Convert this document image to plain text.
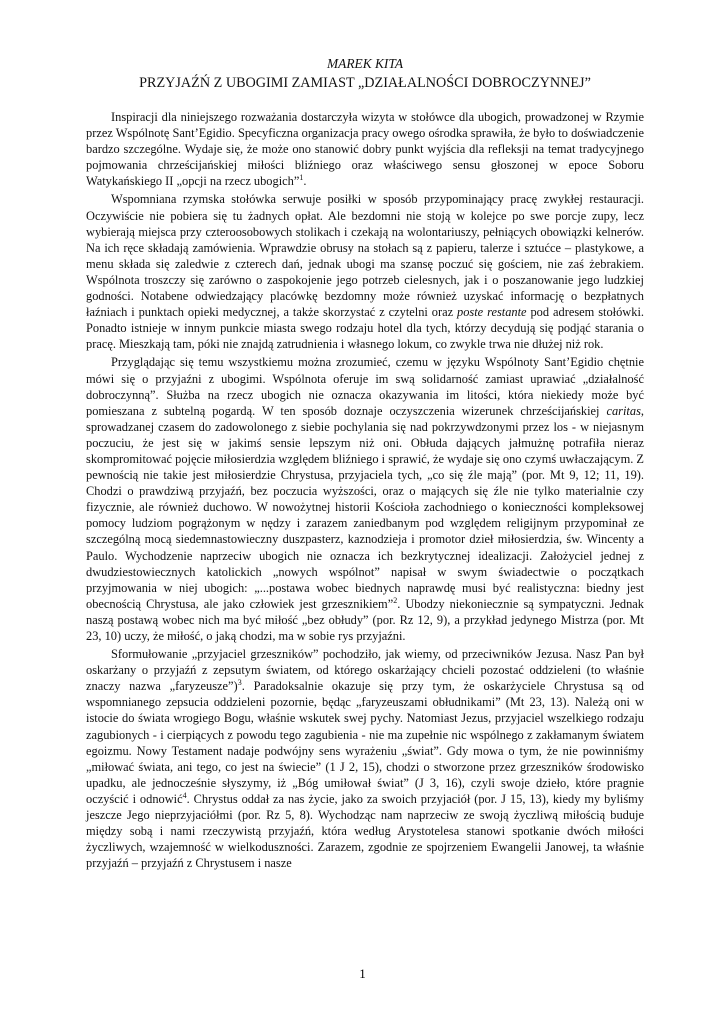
MAREK KITA

PRZYJAŹŃ Z UBOGIMI ZAMIAST „DZIAŁALNOŚCI DOBROCZYNNEJ”

Inspiracji dla niniejszego rozważania dostarczyła wizyta w stołówce dla ubogich, prowadzonej w Rzymie przez Wspólnotę Sant’Egidio. Specyficzna organizacja pracy owego ośrodka sprawiła, że było to doświadczenie bardzo szczególne. Wydaje się, że może ono stanowić dobry punkt wyjścia dla refleksji na temat tradycyjnego pojmowania chrześcijańskiej miłości bliźniego oraz właściwego sensu głoszonej w epoce Soboru Watykańskiego II „opcji na rzecz ubogich”$^1$.

Wspomniana rzymska stołówka serwuje posiłki w sposób przypominający pracę zwykłej restauracji. Oczywiście nie pobiera się tu żadnych opłat. Ale bezdomni nie stoją w kolejce po swe porcje zupy, lecz wybierają miejsca przy czteroosobowych stolikach i czekają na wolontariuszy, pełniących obowiązki kelnerów. Na ich ręce składają zamówienia. Wprawdzie obrusy na stołach są z papieru, talerze i sztućce – plastykowe, a menu składa się zaledwie z czterech dań, jednak ubogi ma szansę poczuć się gościem, nie zaś żebrakiem. Wspólnota troszczy się zarówno o zaspokojenie jego potrzeb cielesnych, jak i o poszanowanie jego ludzkiej godności. Notabene odwiedzający placówkę bezdomny może również uzyskać informację o bezpłatnych łaźniach i punktach opieki medycznej, a także skorzystać z czytelni oraz poste restante pod adresem stołówki. Ponadto istnieje w innym punkcie miasta swego rodzaju hotel dla tych, którzy decydują się podjąć starania o pracę. Mieszkają tam, póki nie znajdą zatrudnienia i własnego lokum, co zwykle trwa nie dłużej niż rok.

Przyglądając się temu wszystkiemu można zrozumieć, czemu w języku Wspólnoty Sant’Egidio chętnie mówi się o przyjaźni z ubogimi. Wspólnota oferuje im swą solidarność zamiast uprawiać „działalność dobroczynną”. Służba na rzecz ubogich nie oznacza okazywania im litości, która niekiedy może być pomieszana z subtelną pogardą. W ten sposób doznaje oczyszczenia wizerunek chrześcijańskiej caritas, sprowadzanej czasem do zadowolonego z siebie pochylania się nad pokrzywdzonymi przez los - w niejasnym poczuciu, że jest się w jakimś sensie lepszym niż oni. Obłuda dających jałmużnę potrafiła nieraz skompromitować pojęcie miłosierdzia względem bliźniego i sprawić, że wydaje się ono czymś uwłaczającym. Z pewnością nie takie jest miłosierdzie Chrystusa, przyjaciela tych, „co się źle mają” (por. Mt 9, 12; 11, 19). Chodzi o prawdziwą przyjaźń, bez poczucia wyższości, oraz o mających się źle nie tylko materialnie czy fizycznie, ale również duchowo. W nowożytnej historii Kościoła zachodniego o konieczności kompleksowej pomocy ludziom pogrążonym w nędzy i zarazem zaniedbanym pod względem religijnym przypominał ze szczególną mocą siedemnastowieczny duszpasterz, kaznodzieja i promotor dzieł miłosierdzia, św. Wincenty a Paulo. Wychodzenie naprzeciw ubogich nie oznacza ich bezkrytycznej idealizacji. Założyciel jednej z dwudziestowiecznych katolickich „nowych wspólnot” napisał w swym świadectwie o początkach przyjmowania w niej ubogich: „...postawa wobec biednych naprawdę musi być realistyczna: biedny jest obecnością Chrystusa, ale jako człowiek jest grzesznikiem”$^2$. Ubodzy niekoniecznie są sympatyczni. Jednak naszą postawą wobec nich ma być miłość „bez obłudy” (por. Rz 12, 9), a przykład jedynego Mistrza (por. Mt 23, 10) uczy, że miłość, o jaką chodzi, ma w sobie rys przyjaźni.

Sformułowanie „przyjaciel grzeszników” pochodziło, jak wiemy, od przeciwników Jezusa. Nasz Pan był oskarżany o przyjaźń z zepsutym światem, od którego oskarżający chcieli pozostać oddzieleni (to właśnie znaczy nazwa „faryzeusze”)$^3$. Paradoksalnie okazuje się przy tym, że oskarżyciele Chrystusa są od wspomnianego zepsucia oddzieleni pozornie, będąc „faryzeuszami obłudnikami” (Mt 23, 13). Należą oni w istocie do świata wrogiego Bogu, właśnie wskutek swej pychy. Natomiast Jezus, przyjaciel wszelkiego rodzaju zagubionych - i cierpiących z powodu tego zagubienia - nie ma zupełnie nic wspólnego z zakłamanym światem egoizmu. Nowy Testament nadaje podwójny sens wyrażeniu „świat”. Gdy mowa o tym, że nie powinniśmy „miłować świata, ani tego, co jest na świecie” (1 J 2, 15), chodzi o stworzone przez grzeszników środowisko upadku, ale jednocześnie słyszymy, iż „Bóg umiłował świat” (J 3, 16), czyli swoje dzieło, które pragnie oczyścić i odnowić$^4$. Chrystus oddał za nas życie, jako za swoich przyjaciół (por. J 15, 13), kiedy my byliśmy jeszcze Jego nieprzyjaciółmi (por. Rz 5, 8). Wychodząc nam naprzeciw ze swoją życzliwą miłością buduje między sobą i nami rzeczywistą przyjaźń, która według Arystotelesa stanowi spotkanie dwóch miłości życzliwych, wzajemność w wielkoduszności. Zarazem, zgodnie ze spojrzeniem Ewangelii Janowej, ta właśnie przyjaźń – przyjaźń z Chrystusem i nasze

1
